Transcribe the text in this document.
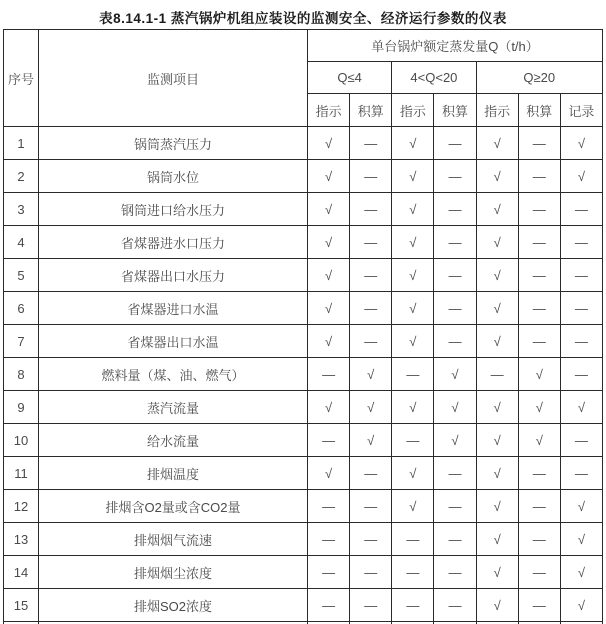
表8.14.1-1 蒸汽锅炉机组应装设的监测安全、经济运行参数的仪表
序号	监测项目	单台锅炉额定蒸发量Q（t/h）						
		Q≤4		4<Q<20		Q≥20		
		指示	积算	指示	积算	指示	积算	记录
1	锅筒蒸汽压力	√	—	√	—	√	—	√
2	锅筒水位	√	—	√	—	√	—	√
3	钢筒进口给水压力	√	—	√	—	√	—	—
4	省煤器进水口压力	√	—	√	—	√	—	—
5	省煤器出口水压力	√	—	√	—	√	—	—
6	省煤器进口水温	√	—	√	—	√	—	—
7	省煤器出口水温	√	—	√	—	√	—	—
8	燃料量（煤、油、燃气）	—	√	—	√	—	√	—
9	蒸汽流量	√	√	√	√	√	√	√
10	给水流量	—	√	—	√	√	√	—
11	排烟温度	√	—	√	—	√	—	—
12	排烟含O2量或含CO2量	—	—	√	—	√	—	√
13	排烟烟气流速	—	—	—	—	√	—	√
14	排烟烟尘浓度	—	—	—	—	√	—	√
15	排烟SO2浓度	—	—	—	—	√	—	√
